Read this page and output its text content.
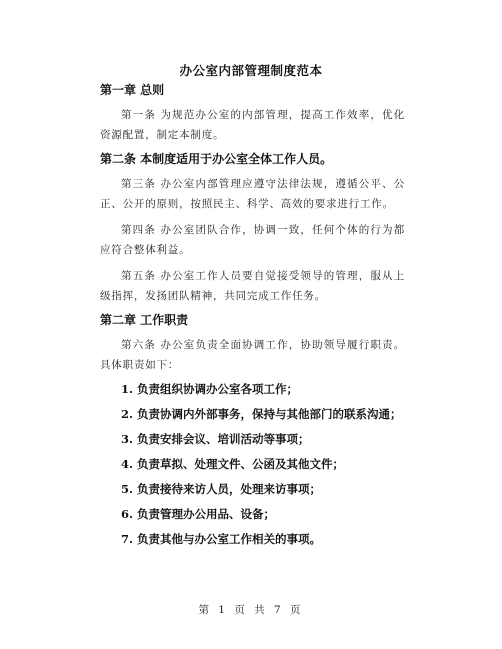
办公室内部管理制度范本
第一章 总则
第一条 为规范办公室的内部管理，提高工作效率，优化资源配置，制定本制度。
第二条 本制度适用于办公室全体工作人员。
第三条 办公室内部管理应遵守法律法规，遵循公平、公正、公开的原则，按照民主、科学、高效的要求进行工作。
第四条 办公室团队合作，协调一致，任何个体的行为都应符合整体利益。
第五条 办公室工作人员要自觉接受领导的管理，服从上级指挥，发扬团队精神，共同完成工作任务。
第二章 工作职责
第六条 办公室负责全面协调工作，协助领导履行职责。具体职责如下：
1. 负责组织协调办公室各项工作；
2. 负责协调内外部事务，保持与其他部门的联系沟通；
3. 负责安排会议、培训活动等事项；
4. 负责草拟、处理文件、公函及其他文件；
5. 负责接待来访人员，处理来访事项；
6. 负责管理办公用品、设备；
7. 负责其他与办公室工作相关的事项。
第 1 页 共 7 页
